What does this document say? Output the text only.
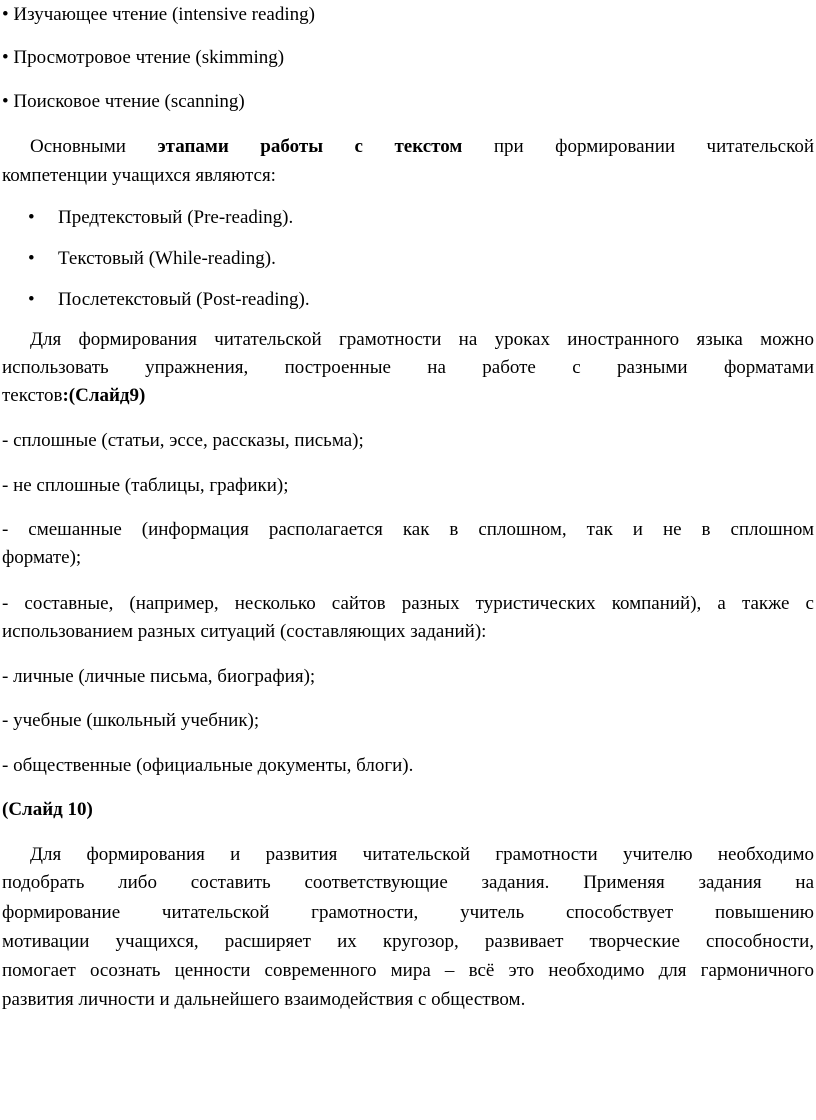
• Изучающее чтение (intensive reading)
• Просмотровое чтение (skimming)
• Поисковое чтение (scanning)
Основными этапами работы с текстом при формировании читательской
компетенции учащихся являются:
• Предтекстовый (Pre-reading).
• Текстовый (While-reading).
• Послетекстовый (Post-reading).
Для формирования читательской грамотности на уроках иностранного языка можно
использовать упражнения, построенные на работе с разными форматами
текстов:(Слайд9)
- сплошные (статьи, эссе, рассказы, письма);
- не сплошные (таблицы, графики);
- смешанные (информация располагается как в сплошном, так и не в сплошном
формате);
- составные, (например, несколько сайтов разных туристических компаний), а также с
использованием разных ситуаций (составляющих заданий):
- личные (личные письма, биография);
- учебные (школьный учебник);
- общественные (официальные документы, блоги).
(Слайд 10)
Для формирования и развития читательской грамотности учителю необходимо
подобрать либо составить соответствующие задания. Применяя задания на
формирование читательской грамотности, учитель способствует повышению
мотивации учащихся, расширяет их кругозор, развивает творческие способности,
помогает осознать ценности современного мира – всё это необходимо для гармоничного
развития личности и дальнейшего взаимодействия с обществом.
